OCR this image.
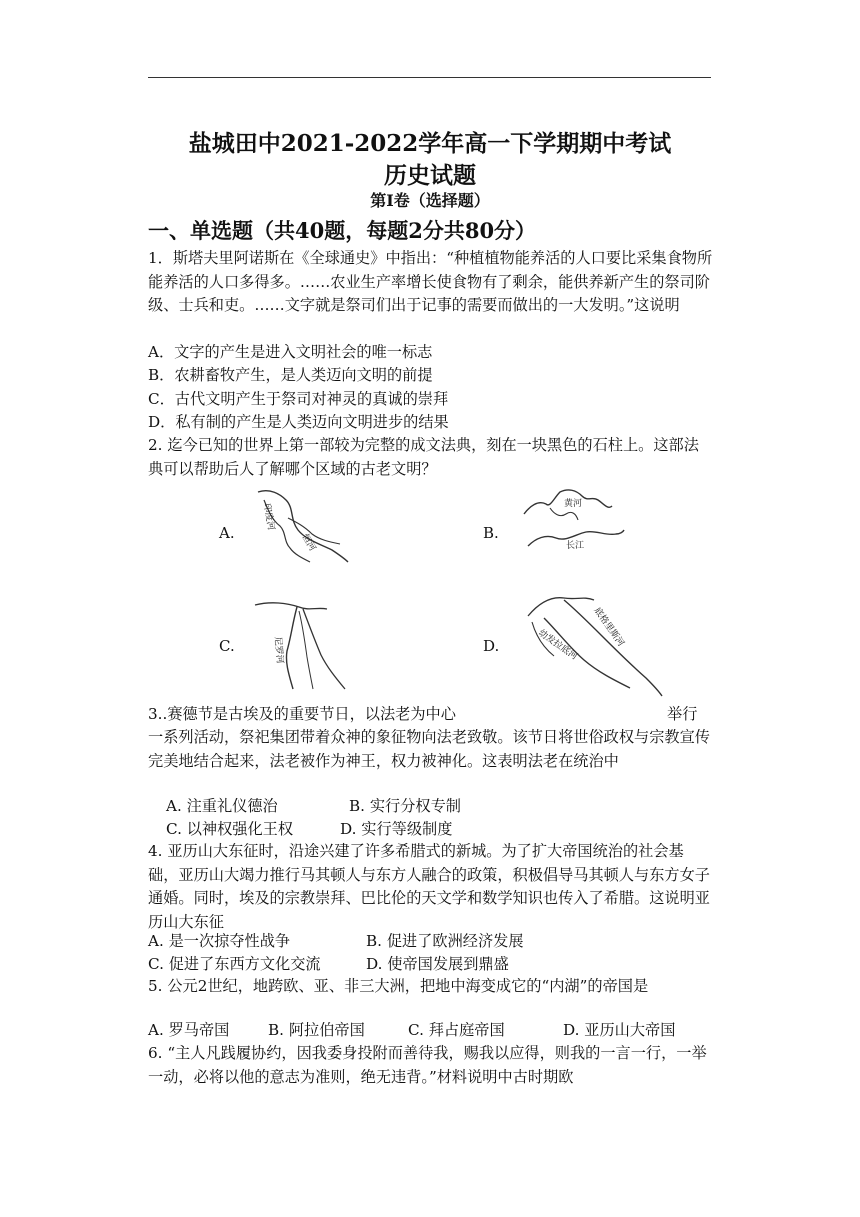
盐城田中2021-2022学年高一下学期期中考试
历史试题
第Ⅰ卷（选择题）
一、单选题（共40题，每题2分共80分）
1．斯塔夫里阿诺斯在《全球通史》中指出：“种植植物能养活的人口要比采集食物所能养活的人口多得多。……农业生产率增长使食物有了剩余，能供养新产生的祭司阶级、士兵和吏。……文字就是祭司们出于记事的需要而做出的一大发明。”这说明
A．文字的产生是进入文明社会的唯一标志
B．农耕畜牧产生，是人类迈向文明的前提
C．古代文明产生于祭司对神灵的真诚的崇拜
D．私有制的产生是人类迈向文明进步的结果
2. 迄今已知的世界上第一部较为完整的成文法典，刻在一块黑色的石柱上。这部法典可以帮助后人了解哪个区域的古老文明？
A.
印度河
恒河	B.
黄河
长江
C.	尼罗河	D.	底格里斯河
幼发拉底河
3..赛德节是古埃及的重要节日，以法老为中心	举行
一系列活动，祭祀集团带着众神的象征物向法老致敬。该节日将世俗政权与宗教宣传完美地结合起来，法老被作为神王，权力被神化。这表明法老在统治中
A. 注重礼仪德治	B. 实行分权专制
C. 以神权强化王权	D. 实行等级制度
4. 亚历山大东征时，沿途兴建了许多希腊式的新城。为了扩大帝国统治的社会基础，亚历山大竭力推行马其顿人与东方人融合的政策，积极倡导马其顿人与东方女子通婚。同时，埃及的宗教崇拜、巴比伦的天文学和数学知识也传入了希腊。这说明亚历山大东征
A. 是一次掠夺性战争	B. 促进了欧洲经济发展
C. 促进了东西方文化交流	D. 使帝国发展到鼎盛
5. 公元2世纪，地跨欧、亚、非三大洲，把地中海变成它的“内湖”的帝国是
A. 罗马帝国	B. 阿拉伯帝国	C. 拜占庭帝国	D. 亚历山大帝国
6. “主人凡践履协约，因我委身投附而善待我，赐我以应得，则我的一言一行，一举一动，必将以他的意志为准则，绝无违背。”材料说明中古时期欧
